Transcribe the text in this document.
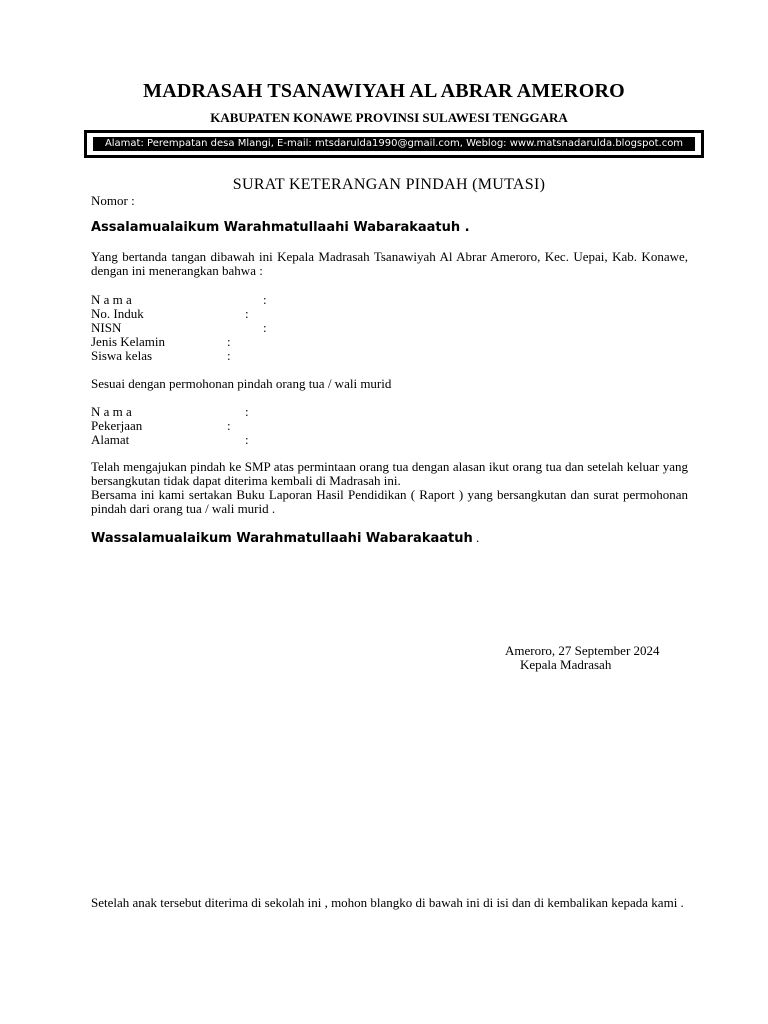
MADRASAH TSANAWIYAH AL ABRAR AMERORO
KABUPATEN KONAWE PROVINSI SULAWESI TENGGARA
Alamat: Perempatan desa Mlangi, E-mail: mtsdarulda1990@gmail.com, Weblog: www.matsnadarulda.blogspot.com
SURAT KETERANGAN PINDAH (MUTASI)
Nomor :
Assalamualaikum Warahmatullaahi Wabarakaatuh .

Yang bertanda tangan dibawah ini Kepala Madrasah Tsanawiyah Al Abrar Ameroro, Kec. Uepai, Kab. Konawe, dengan ini menerangkan bahwa :

N a m a	:
No. Induk	:
NISN	:
Jenis Kelamin	:
Siswa kelas	:
Sesuai dengan permohonan pindah orang tua / wali murid
N a m a	:
Pekerjaan	:
Alamat	:

Telah mengajukan pindah ke SMP atas permintaan orang tua dengan alasan ikut orang tua dan setelah keluar yang bersangkutan tidak dapat diterima kembali di Madrasah ini.

Bersama ini kami sertakan Buku Laporan Hasil Pendidikan ( Raport ) yang bersangkutan dan surat permohonan pindah dari orang tua / wali murid .

Wassalamualaikum Warahmatullaahi Wabarakaatuh .
Ameroro, 27 September 2024
Kepala Madrasah

Setelah anak tersebut diterima di sekolah ini , mohon blangko di bawah ini di isi dan di kembalikan kepada kami .
